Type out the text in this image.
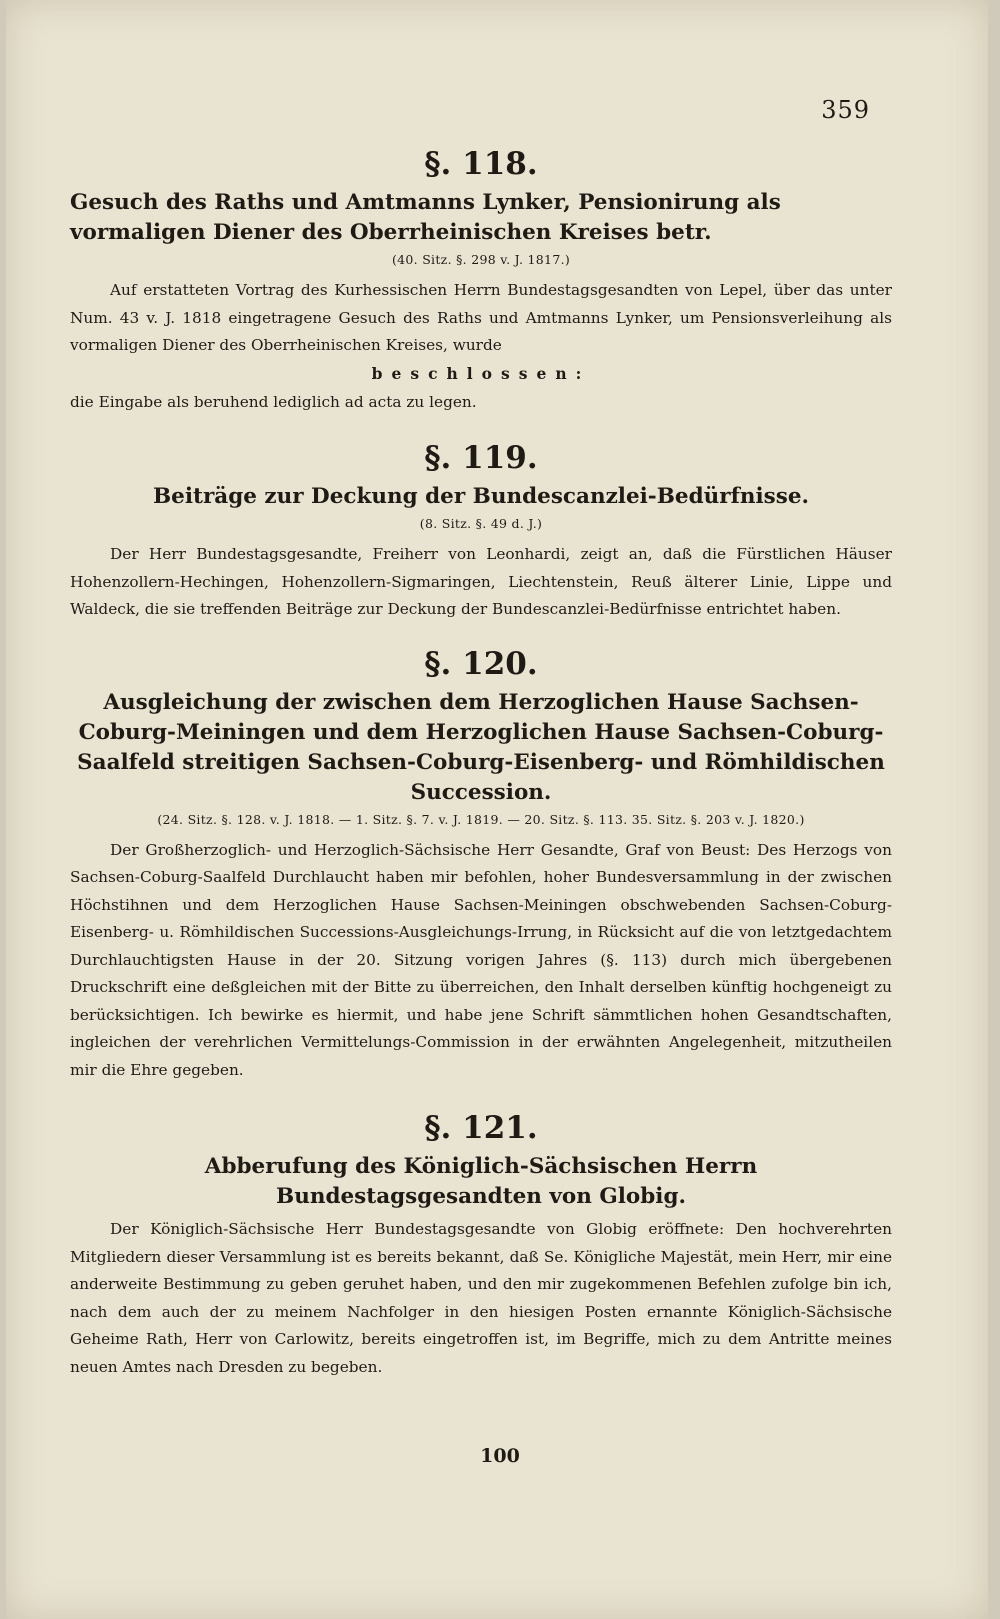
359
§. 118.
Gesuch des Raths und Amtmanns Lynker, Pensionirung als vormaligen Diener des Oberrheinischen Kreises betr.
(40. Sitz. §. 298 v. J. 1817.)

Auf erstatteten Vortrag des Kurhessischen Herrn Bundestagsgesandten von Lepel, über das unter Num. 43 v. J. 1818 eingetragene Gesuch des Raths und Amtmanns Lynker, um Pensionsverleihung als vormaligen Diener des Oberrheinischen Kreises, wurde

beschlossen:

die Eingabe als beruhend lediglich ad acta zu legen.

§. 119.
Beiträge zur Deckung der Bundescanzlei-Bedürfnisse.
(8. Sitz. §. 49 d. J.)

Der Herr Bundestagsgesandte, Freiherr von Leonhardi, zeigt an, daß die Fürstlichen Häuser Hohenzollern-Hechingen, Hohenzollern-Sigmaringen, Liechtenstein, Reuß älterer Linie, Lippe und Waldeck, die sie treffenden Beiträge zur Deckung der Bundescanzlei-Bedürfnisse entrichtet haben.

§. 120.
Ausgleichung der zwischen dem Herzoglichen Hause Sachsen-Coburg-Meiningen und dem Herzoglichen Hause Sachsen-Coburg-Saalfeld streitigen Sachsen-Coburg-Eisenberg- und Römhildischen Succession.
(24. Sitz. §. 128. v. J. 1818. — 1. Sitz. §. 7. v. J. 1819. — 20. Sitz. §. 113. 35. Sitz. §. 203 v. J. 1820.)

Der Großherzoglich- und Herzoglich-Sächsische Herr Gesandte, Graf von Beust: Des Herzogs von Sachsen-Coburg-Saalfeld Durchlaucht haben mir befohlen, hoher Bundesversammlung in der zwischen Höchstihnen und dem Herzoglichen Hause Sachsen-Meiningen obschwebenden Sachsen-Coburg-Eisenberg- u. Römhildischen Successions-Ausgleichungs-Irrung, in Rücksicht auf die von letztgedachtem Durchlauchtigsten Hause in der 20. Sitzung vorigen Jahres (§. 113) durch mich übergebenen Druckschrift eine deßgleichen mit der Bitte zu überreichen, den Inhalt derselben künftig hochgeneigt zu berücksichtigen. Ich bewirke es hiermit, und habe jene Schrift sämmtlichen hohen Gesandtschaften, ingleichen der verehrlichen Vermittelungs-Commission in der erwähnten Angelegenheit, mitzutheilen mir die Ehre gegeben.

§. 121.
Abberufung des Königlich-Sächsischen Herrn Bundestagsgesandten von Globig.

Der Königlich-Sächsische Herr Bundestagsgesandte von Globig eröffnete: Den hochverehrten Mitgliedern dieser Versammlung ist es bereits bekannt, daß Se. Königliche Majestät, mein Herr, mir eine anderweite Bestimmung zu geben geruhet haben, und den mir zugekommenen Befehlen zufolge bin ich, nach dem auch der zu meinem Nachfolger in den hiesigen Posten ernannte Königlich-Sächsische Geheime Rath, Herr von Carlowitz, bereits eingetroffen ist, im Begriffe, mich zu dem Antritte meines neuen Amtes nach Dresden zu begeben.

100
